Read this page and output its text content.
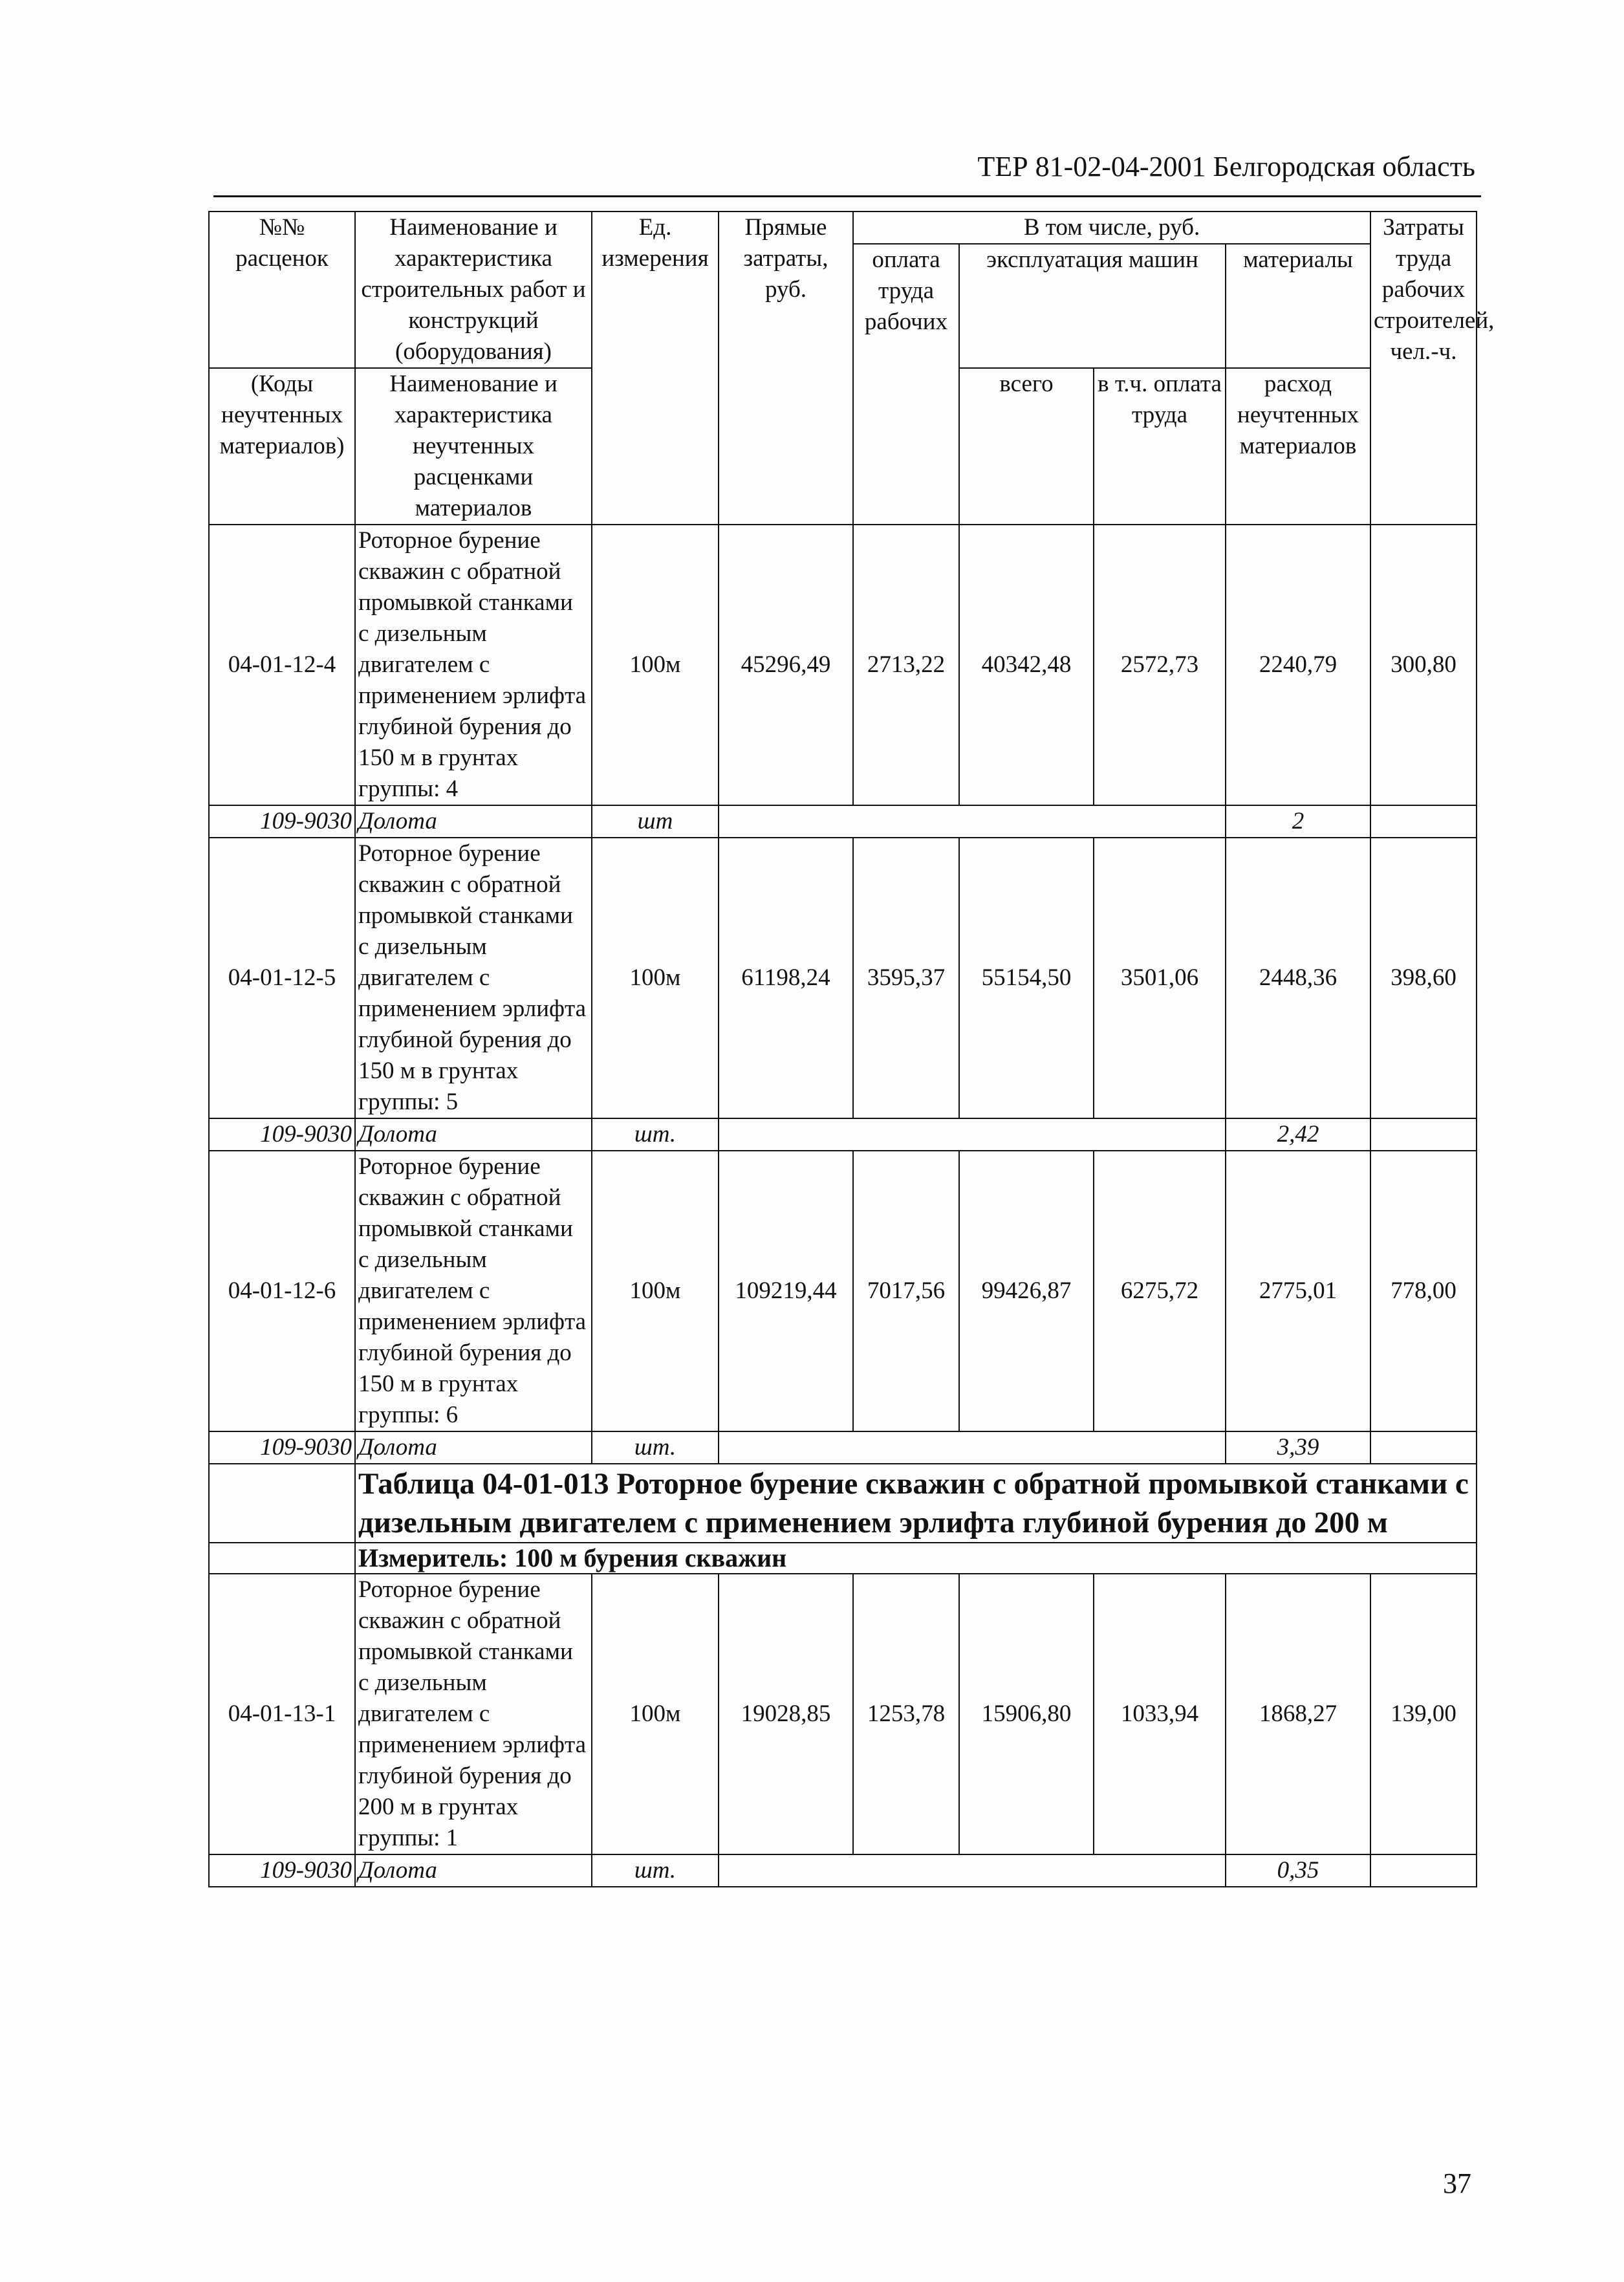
ТЕР 81-02-04-2001 Белгородская область
№№ расценок	Наименование и характеристика строительных работ и конструкций (оборудования)	Ед. измерения	Прямые затраты, руб.	В том числе, руб.				Затраты труда рабочих строителей, чел.-ч.
				оплата труда рабочих	эксплуатация машин		материалы	
(Коды неучтенных материалов)	Наименование и характеристика неучтенных расценками материалов				всего	в т.ч. оплата труда	расход неучтенных материалов	

04-01-12-4	Роторное бурение скважин с обратной промывкой станками с дизельным двигателем с применением эрлифта глубиной бурения до 150 м в грунтах группы: 4	100м	45296,49	2713,22	40342,48	2572,73	2240,79	300,80
109-9030	Долота	шт					2	
04-01-12-5	Роторное бурение скважин с обратной промывкой станками с дизельным двигателем с применением эрлифта глубиной бурения до 150 м в грунтах группы: 5	100м	61198,24	3595,37	55154,50	3501,06	2448,36	398,60
109-9030	Долота	шт.					2,42	
04-01-12-6	Роторное бурение скважин с обратной промывкой станками с дизельным двигателем с применением эрлифта глубиной бурения до 150 м в грунтах группы: 6	100м	109219,44	7017,56	99426,87	6275,72	2775,01	778,00
109-9030	Долота	шт.					3,39	
	Таблица 04-01-013 Роторное бурение скважин с обратной промывкой станками с дизельным двигателем с применением эрлифта глубиной бурения до 200 м							
	Измеритель: 100 м бурения скважин							
04-01-13-1	Роторное бурение скважин с обратной промывкой станками с дизельным двигателем с применением эрлифта глубиной бурения до 200 м в грунтах группы: 1	100м	19028,85	1253,78	15906,80	1033,94	1868,27	139,00
109-9030	Долота	шт.					0,35	
37
